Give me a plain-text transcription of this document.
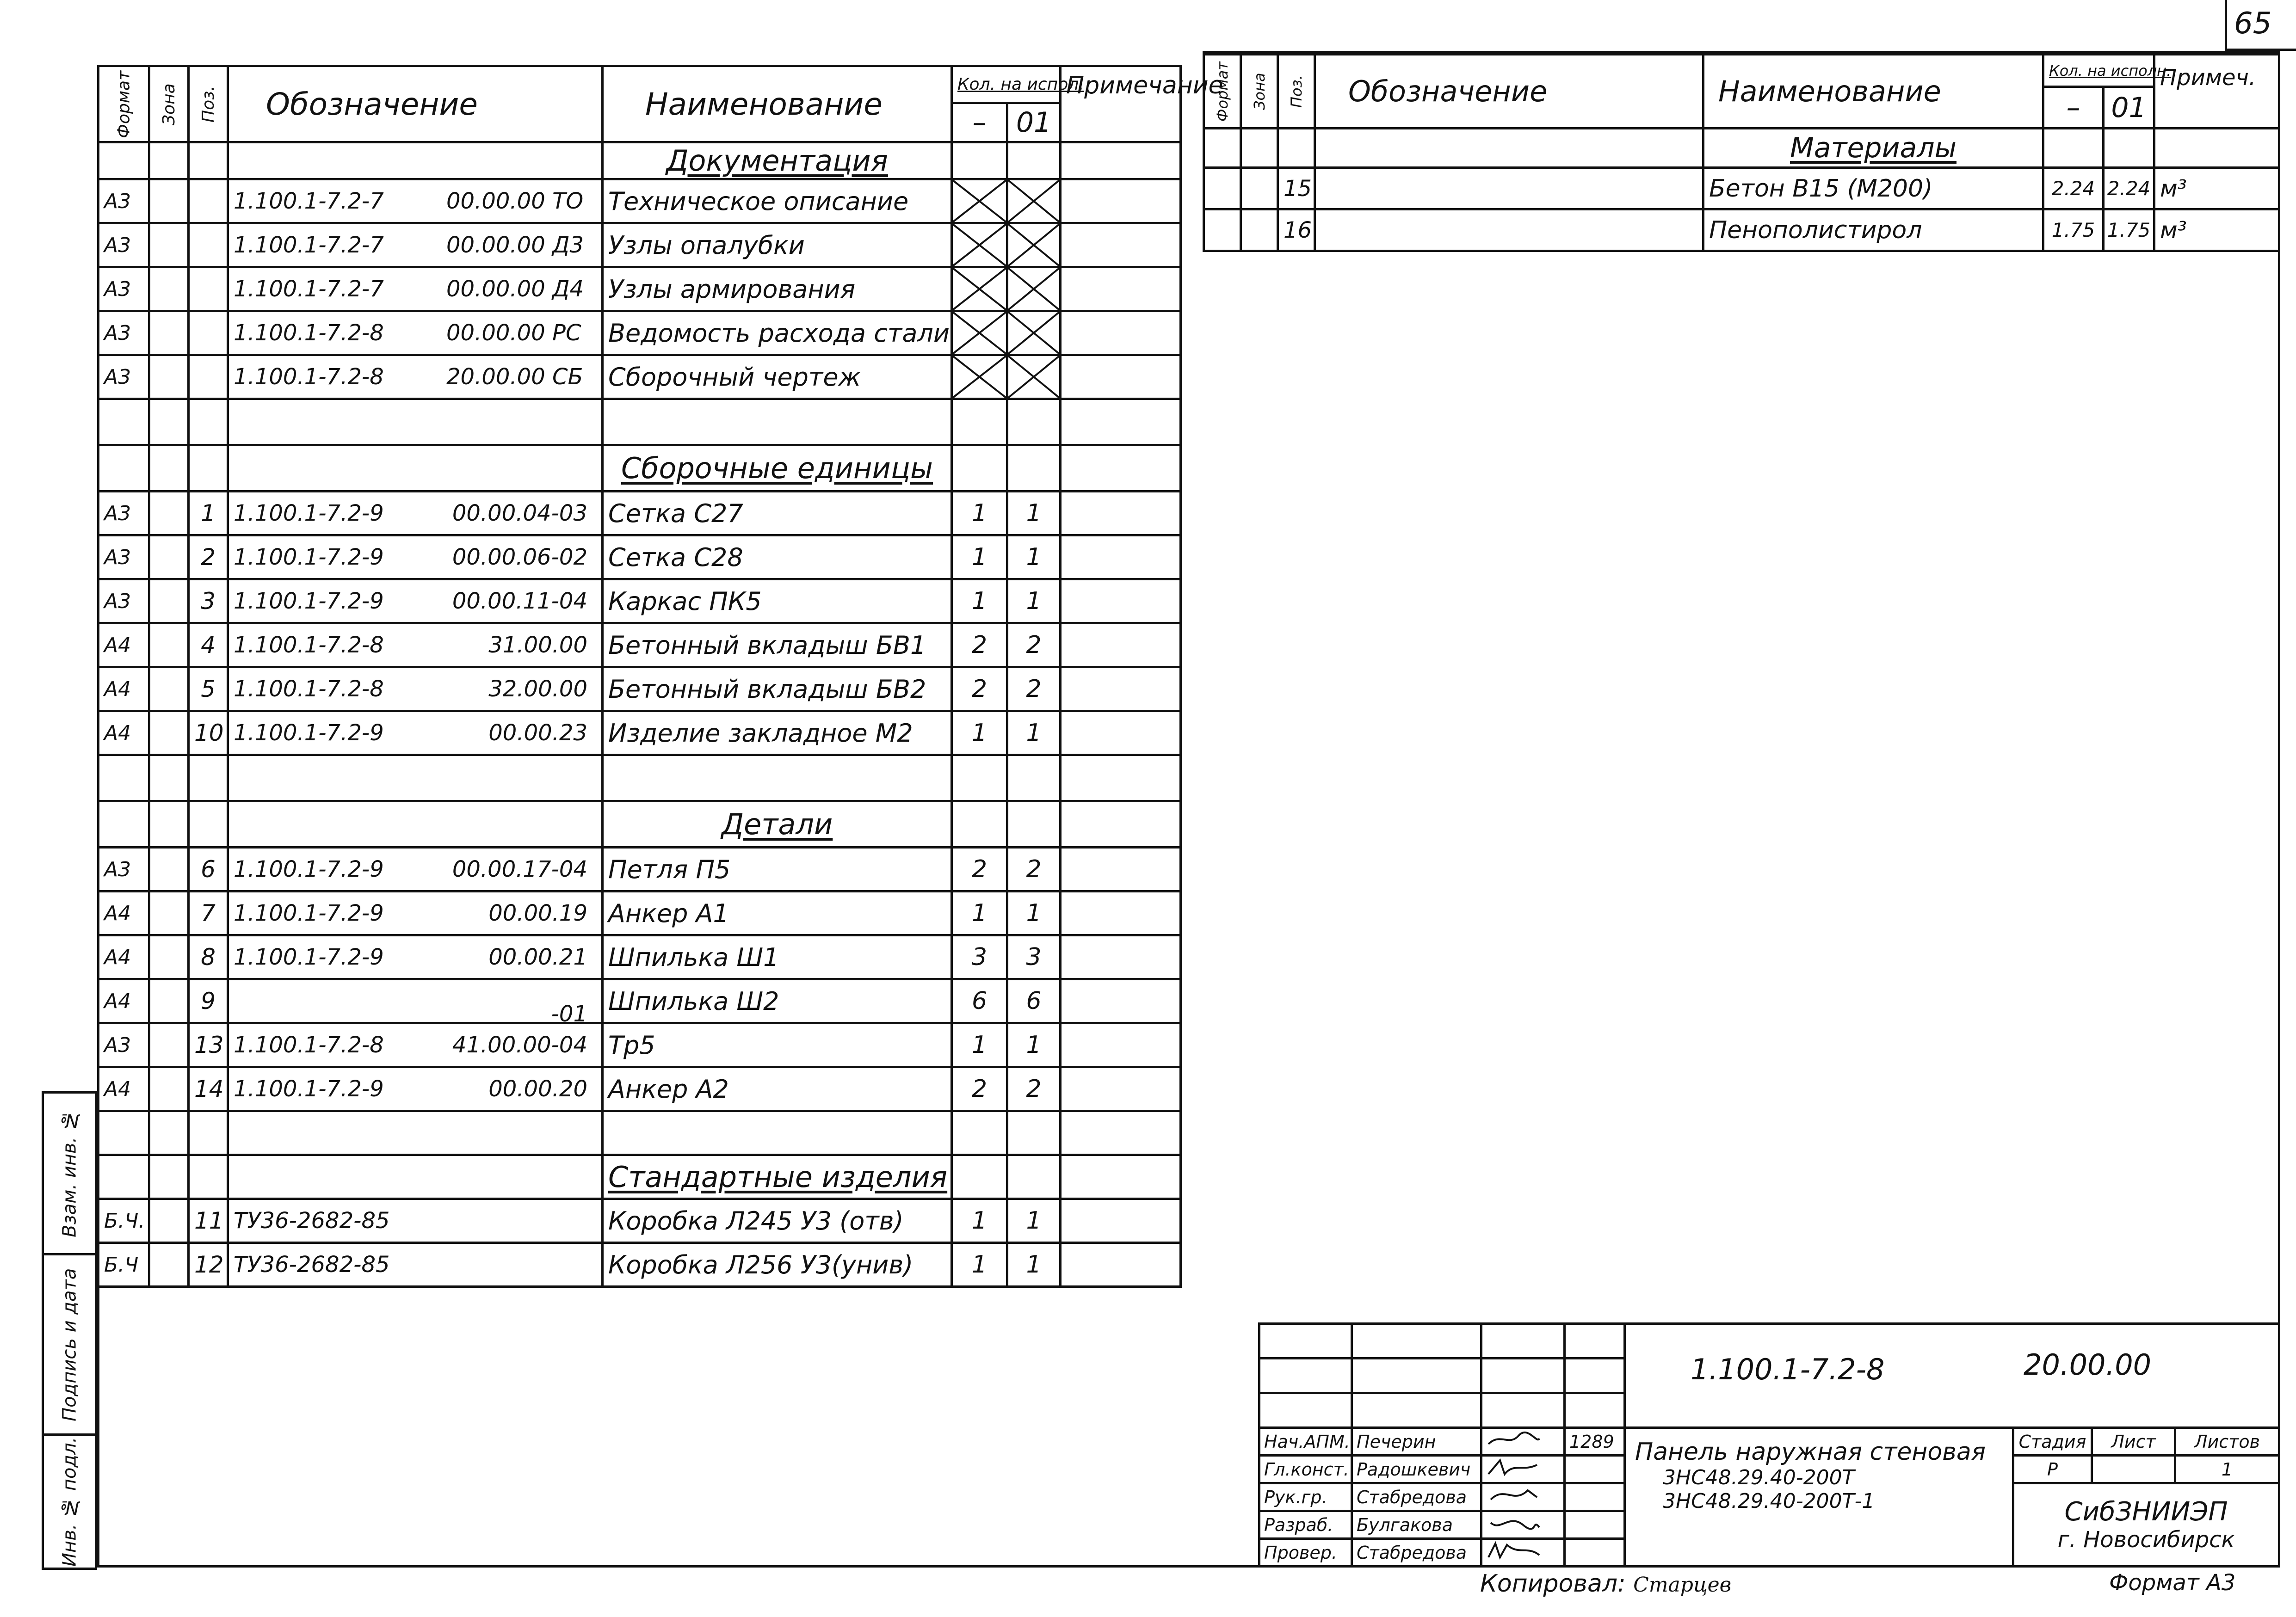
65
Взам. инв. №
Подпись и дата
Инв. № подл.
Формат	Зона	Поз.	Обозначение	Наименование	Кол. на испол.		Примечание
					–	01	
				Документация			
А3			1.100.1-7.2-7 00.00.00 ТО	Техническое описание	

А3			1.100.1-7.2-7 00.00.00 Д3	Узлы опалубки	

А3			1.100.1-7.2-7 00.00.00 Д4	Узлы армирования	

А3			1.100.1-7.2-8 00.00.00 РС	Ведомость расхода стали	

А3			1.100.1-7.2-8 20.00.00 СБ	Сборочный чертеж	

				Сборочные единицы			
А3		1	1.100.1-7.2-9 00.00.04-03	Сетка С27	1	1	
А3		2	1.100.1-7.2-9 00.00.06-02	Сетка С28	1	1	
А3		3	1.100.1-7.2-9 00.00.11-04	Каркас ПК5	1	1	
А4		4	1.100.1-7.2-8 31.00.00	Бетонный вкладыш БВ1	2	2	
А4		5	1.100.1-7.2-8 32.00.00	Бетонный вкладыш БВ2	2	2	
А4		10	1.100.1-7.2-9 00.00.23	Изделие закладное М2	1	1	

				Детали			
А3		6	1.100.1-7.2-9 00.00.17-04	Петля П5	2	2	
А4		7	1.100.1-7.2-9 00.00.19	Анкер А1	1	1	
А4		8	1.100.1-7.2-9 00.00.21	Шпилька Ш1	3	3	
А4		9	-01	Шпилька Ш2	6	6	
А3		13	1.100.1-7.2-8 41.00.00-04	Тр5	1	1	
А4		14	1.100.1-7.2-9 00.00.20	Анкер А2	2	2	

				Стандартные изделия			
Б.Ч.		11	ТУ36-2682-85	Коробка Л245 У3 (отв)	1	1	
Б.Ч		12	ТУ36-2682-85	Коробка Л256 У3(унив)	1	1	
Формат	Зона	Поз.	Обозначение	Наименование	Кол. на исполн.		Примеч.
					–	01	
				Материалы			
		15		Бетон В15 (М200)	2.24	2.24	м³
		16		Пенополистирол	1.75	1.75	м³

				1.100.1-7.2-8 20.00.00			

Нач.АПМ.	Печерин		1289	Панель наружная стеновая
3НС48.29.40-200Т
3НС48.29.40-200Т-1	Стадия	Лист	Листов
Гл.конст.	Радошкевич				Р		1
Рук.гр.	Стабредова				СибЗНИИЭП
г. Новосибирск		

Разраб.	Булгакова		
Провер.	Стабредова		
Копировал: Старцев	Формат А3
